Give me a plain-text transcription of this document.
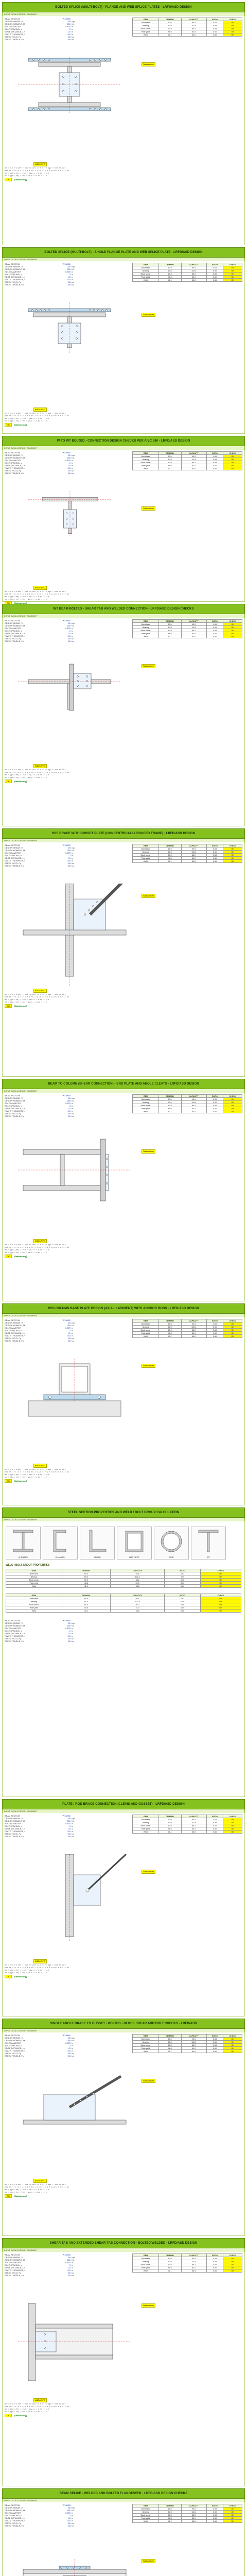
BOLTED SPLICE (MULTI-BOLT) - FLANGE AND WEB SPLICE PLATES - LRFD/ASD DESIGN
INPUT DATA & DESIGN SUMMARY
BEAM SECTION	W18X50
DESIGN SHEAR, V	60 kips
DESIGN MOMENT, M	250 ft-k
BOLT DIAMETER	0.875 in
BOLT SPACING, s	3 in
EDGE DISTANCE, Le	1.5 in
PLATE THICKNESS, t	0.5 in
STEEL YIELD, Fy	50 ksi
STEEL TENSILE, Fu	65 ksi
ITEM	DEMAND	CAPACITY	RATIO	CHECK
Bolt shear	60.0	94.5	0.63	OK
Bearing	60.0	102.4	0.59	OK
Block shear	60.0	88.2	0.68	OK
Plate yield	48.6	81.0	0.60	OK
Weld	42.1	63.6	0.66	OK
Satisfactory
ASD/LRFD
Rn = 0.6 Fu Anv + Ubs Fu Ant <= 0.6 Fy Agv + Ubs Fu Ant
phi Rn = 0.75 x 2.4 d t Fu = 0.75 x 2.4 x 0.875 x 0.5 x 65
Mu / (phi Mn) = 250 / 312.4 = 0.80 < 1.0
Vu / (phi Vn) = 60 / 94.5 = 0.63 < 1.0
OK	[Satisfactory]
BOLTED SPLICE (MULTI-BOLT) - SINGLE FLANGE PLATE AND WEB SPLICE PLATE - LRFD/ASD DESIGN
INPUT DATA & DESIGN SUMMARY
BEAM SECTION	W18X50
DESIGN SHEAR, V	60 kips
DESIGN MOMENT, M	250 ft-k
BOLT DIAMETER	0.875 in
BOLT SPACING, s	3 in
EDGE DISTANCE, Le	1.5 in
PLATE THICKNESS, t	0.5 in
STEEL YIELD, Fy	50 ksi
STEEL TENSILE, Fu	65 ksi
ITEM	DEMAND	CAPACITY	RATIO	CHECK
Bolt shear	60.0	94.5	0.63	OK
Bearing	60.0	102.4	0.59	OK
Block shear	60.0	88.2	0.68	OK
Plate yield	48.6	81.0	0.60	OK
Weld	42.1	63.6	0.66	OK
Satisfactory
ASD/LRFD
Rn = 0.6 Fu Anv + Ubs Fu Ant <= 0.6 Fy Agv + Ubs Fu Ant
phi Rn = 0.75 x 2.4 d t Fu = 0.75 x 2.4 x 0.875 x 0.5 x 65
Mu / (phi Mn) = 250 / 312.4 = 0.80 < 1.0
Vu / (phi Vn) = 60 / 94.5 = 0.63 < 1.0
OK	[Satisfactory]
W TO WT BOLTED - CONNECTION DESIGN CHECKS PER AISC 360 - LRFD/ASD DESIGN
INPUT DATA & DESIGN SUMMARY
BEAM SECTION	W18X50
DESIGN SHEAR, V	60 kips
DESIGN MOMENT, M	250 ft-k
BOLT DIAMETER	0.875 in
BOLT SPACING, s	3 in
EDGE DISTANCE, Le	1.5 in
PLATE THICKNESS, t	0.5 in
STEEL YIELD, Fy	50 ksi
STEEL TENSILE, Fu	65 ksi
ITEM	DEMAND	CAPACITY	RATIO	CHECK
Bolt shear	60.0	94.5	0.63	OK
Bearing	60.0	102.4	0.59	OK
Block shear	60.0	88.2	0.68	OK
Plate yield	48.6	81.0	0.60	OK
Weld	42.1	63.6	0.66	OK
Satisfactory
ASD/LRFD
Rn = 0.6 Fu Anv + Ubs Fu Ant <= 0.6 Fy Agv + Ubs Fu Ant
phi Rn = 0.75 x 2.4 d t Fu = 0.75 x 2.4 x 0.875 x 0.5 x 65
Mu / (phi Mn) = 250 / 312.4 = 0.80 < 1.0
Vu / (phi Vn) = 60 / 94.5 = 0.63 < 1.0
OK	[Satisfactory]
WT BEAM BOLTED - SHEAR TAB AND WELDED CONNECTION - LRFD/ASD DESIGN CHECKS
INPUT DATA & DESIGN SUMMARY
BEAM SECTION	W18X50
DESIGN SHEAR, V	60 kips
DESIGN MOMENT, M	250 ft-k
BOLT DIAMETER	0.875 in
BOLT SPACING, s	3 in
EDGE DISTANCE, Le	1.5 in
PLATE THICKNESS, t	0.5 in
STEEL YIELD, Fy	50 ksi
STEEL TENSILE, Fu	65 ksi
ITEM	DEMAND	CAPACITY	RATIO	CHECK
Bolt shear	60.0	94.5	0.63	OK
Bearing	60.0	102.4	0.59	OK
Block shear	60.0	88.2	0.68	OK
Plate yield	48.6	81.0	0.60	OK
Weld	42.1	63.6	0.66	OK
Satisfactory
ASD/LRFD
Rn = 0.6 Fu Anv + Ubs Fu Ant <= 0.6 Fy Agv + Ubs Fu Ant
phi Rn = 0.75 x 2.4 d t Fu = 0.75 x 2.4 x 0.875 x 0.5 x 65
Mu / (phi Mn) = 250 / 312.4 = 0.80 < 1.0
Vu / (phi Vn) = 60 / 94.5 = 0.63 < 1.0
OK	[Satisfactory]
HSS BRACE WITH GUSSET PLATE (CONCENTRICALLY BRACED FRAME) - LRFD/ASD DESIGN
INPUT DATA & DESIGN SUMMARY
BEAM SECTION	W18X50
DESIGN SHEAR, V	60 kips
DESIGN MOMENT, M	250 ft-k
BOLT DIAMETER	0.875 in
BOLT SPACING, s	3 in
EDGE DISTANCE, Le	1.5 in
PLATE THICKNESS, t	0.5 in
STEEL YIELD, Fy	50 ksi
STEEL TENSILE, Fu	65 ksi
ITEM	DEMAND	CAPACITY	RATIO	CHECK
Bolt shear	60.0	94.5	0.63	OK
Bearing	60.0	102.4	0.59	OK
Block shear	60.0	88.2	0.68	OK
Plate yield	48.6	81.0	0.60	OK
Weld	42.1	63.6	0.66	OK
Satisfactory
ASD/LRFD
Rn = 0.6 Fu Anv + Ubs Fu Ant <= 0.6 Fy Agv + Ubs Fu Ant
phi Rn = 0.75 x 2.4 d t Fu = 0.75 x 2.4 x 0.875 x 0.5 x 65
Mu / (phi Mn) = 250 / 312.4 = 0.80 < 1.0
Vu / (phi Vn) = 60 / 94.5 = 0.63 < 1.0
OK	[Satisfactory]
BEAM TO COLUMN (SHEAR CONNECTION) - END PLATE AND ANGLE CLEATS - LRFD/ASD DESIGN
INPUT DATA & DESIGN SUMMARY
BEAM SECTION	W18X50
DESIGN SHEAR, V	60 kips
DESIGN MOMENT, M	250 ft-k
BOLT DIAMETER	0.875 in
BOLT SPACING, s	3 in
EDGE DISTANCE, Le	1.5 in
PLATE THICKNESS, t	0.5 in
STEEL YIELD, Fy	50 ksi
STEEL TENSILE, Fu	65 ksi
ITEM	DEMAND	CAPACITY	RATIO	CHECK
Bolt shear	60.0	94.5	0.63	OK
Bearing	60.0	102.4	0.59	OK
Block shear	60.0	88.2	0.68	OK
Plate yield	48.6	81.0	0.60	OK
Weld	42.1	63.6	0.66	OK
Satisfactory
ASD/LRFD
Rn = 0.6 Fu Anv + Ubs Fu Ant <= 0.6 Fy Agv + Ubs Fu Ant
phi Rn = 0.75 x 2.4 d t Fu = 0.75 x 2.4 x 0.875 x 0.5 x 65
Mu / (phi Mn) = 250 / 312.4 = 0.80 < 1.0
Vu / (phi Vn) = 60 / 94.5 = 0.63 < 1.0
OK	[Satisfactory]
HSS COLUMN BASE PLATE DESIGN (AXIAL + MOMENT) WITH ANCHOR RODS - LRFD/ASD DESIGN
INPUT DATA & DESIGN SUMMARY
BEAM SECTION	W18X50
DESIGN SHEAR, V	60 kips
DESIGN MOMENT, M	250 ft-k
BOLT DIAMETER	0.875 in
BOLT SPACING, s	3 in
EDGE DISTANCE, Le	1.5 in
PLATE THICKNESS, t	0.5 in
STEEL YIELD, Fy	50 ksi
STEEL TENSILE, Fu	65 ksi
ITEM	DEMAND	CAPACITY	RATIO	CHECK
Bolt shear	60.0	94.5	0.63	OK
Bearing	60.0	102.4	0.59	OK
Block shear	60.0	88.2	0.68	OK
Plate yield	48.6	81.0	0.60	OK
Weld	42.1	63.6	0.66	OK
Satisfactory
ASD/LRFD
Rn = 0.6 Fu Anv + Ubs Fu Ant <= 0.6 Fy Agv + Ubs Fu Ant
phi Rn = 0.75 x 2.4 d t Fu = 0.75 x 2.4 x 0.875 x 0.5 x 65
Mu / (phi Mn) = 250 / 312.4 = 0.80 < 1.0
Vu / (phi Vn) = 60 / 94.5 = 0.63 < 1.0
OK	[Satisfactory]
STEEL SECTION PROPERTIES AND WELD / BOLT GROUP CALCULATION
INPUT DATA & DESIGN SUMMARY
W SHAPE	CHANNEL	ANGLE	HSS RECT	PIPE	WT
WELD / BOLT GROUP PROPERTIES
ITEM	DEMAND	CAPACITY	RATIO	CHECK
Bolt shear	60.0	94.5	0.63	OK
Bearing	60.0	102.4	0.59	OK
Block shear	60.0	88.2	0.68	OK
Plate yield	48.6	81.0	0.60	OK
Weld	42.1	63.6	0.66	OK
ITEM	DEMAND	CAPACITY	RATIO	CHECK
Bolt shear	60.0	94.5	0.63	OK
Bearing	60.0	102.4	0.59	OK
Block shear	60.0	88.2	0.68	OK
Plate yield	48.6	81.0	0.60	OK
Weld	42.1	63.6	0.66	OK
BEAM SECTION	W18X50
DESIGN SHEAR, V	60 kips
DESIGN MOMENT, M	250 ft-k
BOLT DIAMETER	0.875 in
BOLT SPACING, s	3 in
EDGE DISTANCE, Le	1.5 in
PLATE THICKNESS, t	0.5 in
STEEL YIELD, Fy	50 ksi
STEEL TENSILE, Fu	65 ksi
PLATE / ROD BRACE CONNECTION (CLEVIS AND GUSSET) - LRFD/ASD DESIGN
INPUT DATA & DESIGN SUMMARY
BEAM SECTION	W18X50
DESIGN SHEAR, V	60 kips
DESIGN MOMENT, M	250 ft-k
BOLT DIAMETER	0.875 in
BOLT SPACING, s	3 in
EDGE DISTANCE, Le	1.5 in
PLATE THICKNESS, t	0.5 in
STEEL YIELD, Fy	50 ksi
STEEL TENSILE, Fu	65 ksi
ITEM	DEMAND	CAPACITY	RATIO	CHECK
Bolt shear	60.0	94.5	0.63	OK
Bearing	60.0	102.4	0.59	OK
Block shear	60.0	88.2	0.68	OK
Plate yield	48.6	81.0	0.60	OK
Weld	42.1	63.6	0.66	OK
Satisfactory
ASD/LRFD
Rn = 0.6 Fu Anv + Ubs Fu Ant <= 0.6 Fy Agv + Ubs Fu Ant
phi Rn = 0.75 x 2.4 d t Fu = 0.75 x 2.4 x 0.875 x 0.5 x 65
Mu / (phi Mn) = 250 / 312.4 = 0.80 < 1.0
Vu / (phi Vn) = 60 / 94.5 = 0.63 < 1.0
OK	[Satisfactory]
SINGLE ANGLE BRACE TO GUSSET - BOLTED - BLOCK SHEAR AND BOLT CHECKS - LRFD/ASD
INPUT DATA & DESIGN SUMMARY
BEAM SECTION	W18X50
DESIGN SHEAR, V	60 kips
DESIGN MOMENT, M	250 ft-k
BOLT DIAMETER	0.875 in
BOLT SPACING, s	3 in
EDGE DISTANCE, Le	1.5 in
PLATE THICKNESS, t	0.5 in
STEEL YIELD, Fy	50 ksi
STEEL TENSILE, Fu	65 ksi
ITEM	DEMAND	CAPACITY	RATIO	CHECK
Bolt shear	60.0	94.5	0.63	OK
Bearing	60.0	102.4	0.59	OK
Block shear	60.0	88.2	0.68	OK
Plate yield	48.6	81.0	0.60	OK
Weld	42.1	63.6	0.66	OK
Satisfactory
ASD/LRFD
Rn = 0.6 Fu Anv + Ubs Fu Ant <= 0.6 Fy Agv + Ubs Fu Ant
phi Rn = 0.75 x 2.4 d t Fu = 0.75 x 2.4 x 0.875 x 0.5 x 65
Mu / (phi Mn) = 250 / 312.4 = 0.80 < 1.0
Vu / (phi Vn) = 60 / 94.5 = 0.63 < 1.0
OK	[Satisfactory]
SHEAR TAB AND EXTENDED SHEAR TAB CONNECTION - BOLTED/WELDED - LRFD/ASD DESIGN
INPUT DATA & DESIGN SUMMARY
BEAM SECTION	W18X50
DESIGN SHEAR, V	60 kips
DESIGN MOMENT, M	250 ft-k
BOLT DIAMETER	0.875 in
BOLT SPACING, s	3 in
EDGE DISTANCE, Le	1.5 in
PLATE THICKNESS, t	0.5 in
STEEL YIELD, Fy	50 ksi
STEEL TENSILE, Fu	65 ksi
ITEM	DEMAND	CAPACITY	RATIO	CHECK
Bolt shear	60.0	94.5	0.63	OK
Bearing	60.0	102.4	0.59	OK
Block shear	60.0	88.2	0.68	OK
Plate yield	48.6	81.0	0.60	OK
Weld	42.1	63.6	0.66	OK
Satisfactory
ASD/LRFD
Rn = 0.6 Fu Anv + Ubs Fu Ant <= 0.6 Fy Agv + Ubs Fu Ant
phi Rn = 0.75 x 2.4 d t Fu = 0.75 x 2.4 x 0.875 x 0.5 x 65
Mu / (phi Mn) = 250 / 312.4 = 0.80 < 1.0
Vu / (phi Vn) = 60 / 94.5 = 0.63 < 1.0
OK	[Satisfactory]
BEAM SPLICE - WELDED AND BOLTED FLANGE/WEB - LRFD/ASD DESIGN CHECKS
INPUT DATA & DESIGN SUMMARY
BEAM SECTION	W18X50
DESIGN SHEAR, V	60 kips
DESIGN MOMENT, M	250 ft-k
BOLT DIAMETER	0.875 in
BOLT SPACING, s	3 in
EDGE DISTANCE, Le	1.5 in
PLATE THICKNESS, t	0.5 in
STEEL YIELD, Fy	50 ksi
STEEL TENSILE, Fu	65 ksi
ITEM	DEMAND	CAPACITY	RATIO	CHECK
Bolt shear	60.0	94.5	0.63	OK
Bearing	60.0	102.4	0.59	OK
Block shear	60.0	88.2	0.68	OK
Plate yield	48.6	81.0	0.60	OK
Weld	42.1	63.6	0.66	OK
Satisfactory
